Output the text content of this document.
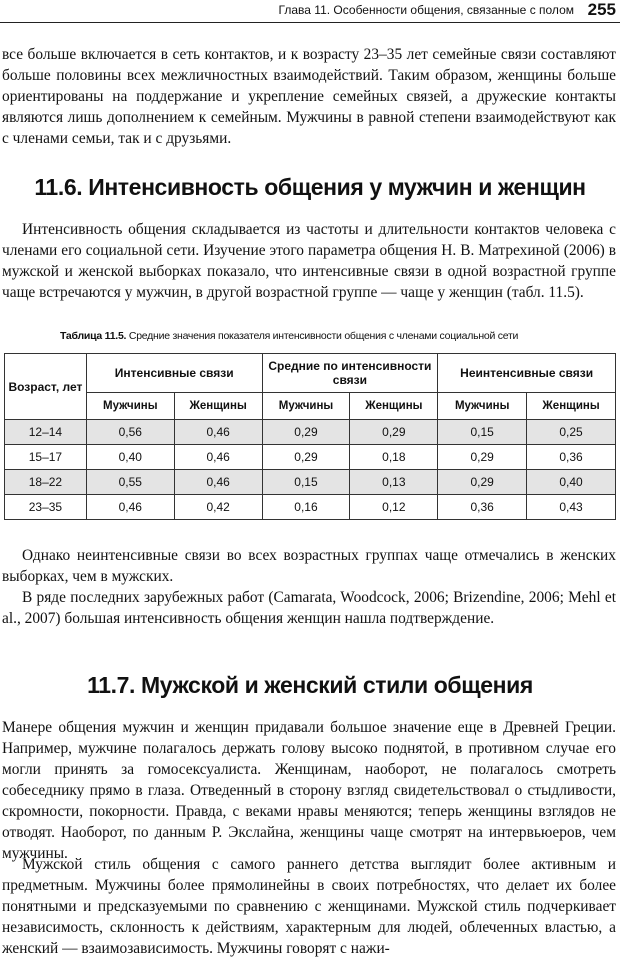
Глава 11. Особенности общения, связанные с полом 255

все больше включается в сеть контактов, и к возрасту 23–35 лет семейные связи составляют больше половины всех межличностных взаимодействий. Таким образом, женщины больше ориентированы на поддержание и укрепление семейных связей, а дружеские контакты являются лишь дополнением к семейным. Мужчины в равной степени взаимодействуют как с членами семьи, так и с друзьями.

11.6. Интенсивность общения у мужчин и женщин

Интенсивность общения складывается из частоты и длительности контактов человека с членами его социальной сети. Изучение этого параметра общения Н. В. Матрехиной (2006) в мужской и женской выборках показало, что интенсивные связи в одной возрастной группе чаще встречаются у мужчин, в другой возрастной группе — чаще у женщин (табл. 11.5).

Таблица 11.5. Средние значения показателя интенсивности общения с членами социальной сети
Возраст, лет	Интенсивные связи		Средние по интенсивности связи		Неинтенсивные связи	
	Мужчины	Женщины	Мужчины	Женщины	Мужчины	Женщины
12–14	0,56	0,46	0,29	0,29	0,15	0,25
15–17	0,40	0,46	0,29	0,18	0,29	0,36
18–22	0,55	0,46	0,15	0,13	0,29	0,40
23–35	0,46	0,42	0,16	0,12	0,36	0,43

Однако неинтенсивные связи во всех возрастных группах чаще отмечались в женских выборках, чем в мужских.

В ряде последних зарубежных работ (Camarata, Woodcock, 2006; Brizendine, 2006; Mehl et al., 2007) большая интенсивность общения женщин нашла подтверждение.

11.7. Мужской и женский стили общения

Манере общения мужчин и женщин придавали большое значение еще в Древней Греции. Например, мужчине полагалось держать голову высоко поднятой, в противном случае его могли принять за гомосексуалиста. Женщинам, наоборот, не полагалось смотреть собеседнику прямо в глаза. Отведенный в сторону взгляд свидетельствовал о стыдливости, скромности, покорности. Правда, с веками нравы меняются; теперь женщины взглядов не отводят. Наоборот, по данным Р. Экслайна, женщины чаще смотрят на интервьюеров, чем мужчины.

Мужской стиль общения с самого раннего детства выглядит более активным и предметным. Мужчины более прямолинейны в своих потребностях, что делает их более понятными и предсказуемыми по сравнению с женщинами. Мужской стиль подчеркивает независимость, склонность к действиям, характерным для людей, облеченных властью, а женский — взаимозависимость. Мужчины говорят с нажи-
